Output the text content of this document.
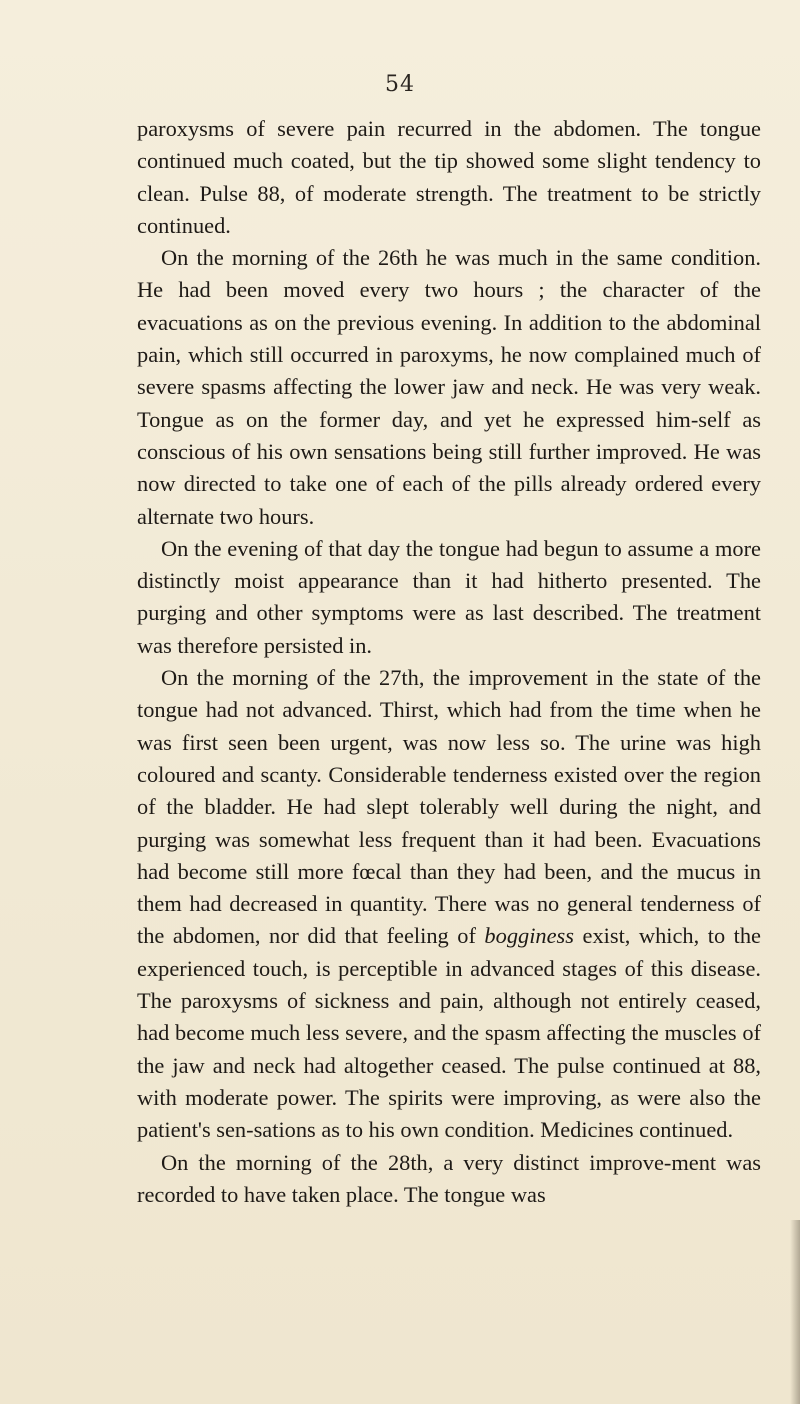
54

paroxysms of severe pain recurred in the abdomen. The tongue continued much coated, but the tip showed some slight tendency to clean. Pulse 88, of moderate strength. The treatment to be strictly continued.

On the morning of the 26th he was much in the same condition. He had been moved every two hours ; the character of the evacuations as on the previous evening. In addition to the abdominal pain, which still occurred in paroxyms, he now complained much of severe spasms affecting the lower jaw and neck. He was very weak. Tongue as on the former day, and yet he expressed him-self as conscious of his own sensations being still further improved. He was now directed to take one of each of the pills already ordered every alternate two hours.

On the evening of that day the tongue had begun to assume a more distinctly moist appearance than it had hitherto presented. The purging and other symptoms were as last described. The treatment was therefore persisted in.

On the morning of the 27th, the improvement in the state of the tongue had not advanced. Thirst, which had from the time when he was first seen been urgent, was now less so. The urine was high coloured and scanty. Considerable tenderness existed over the region of the bladder. He had slept tolerably well during the night, and purging was somewhat less frequent than it had been. Evacuations had become still more fœcal than they had been, and the mucus in them had decreased in quantity. There was no general tenderness of the abdomen, nor did that feeling of bogginess exist, which, to the experienced touch, is perceptible in advanced stages of this disease. The paroxysms of sickness and pain, although not entirely ceased, had become much less severe, and the spasm affecting the muscles of the jaw and neck had altogether ceased. The pulse continued at 88, with moderate power. The spirits were improving, as were also the patient's sen-sations as to his own condition. Medicines continued.

On the morning of the 28th, a very distinct improve-ment was recorded to have taken place. The tongue was
